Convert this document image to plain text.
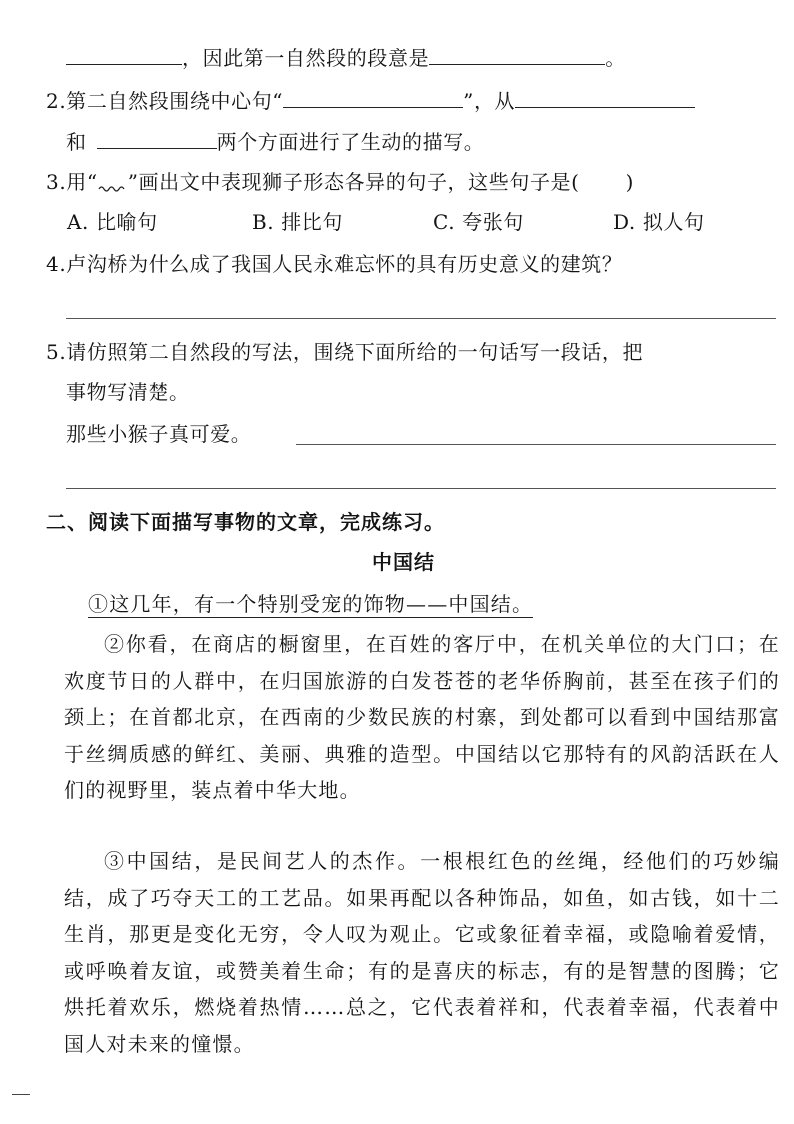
，因此第一自然段的段意是	。
2.第二自然段围绕中心句“	”，从
和	两个方面进行了生动的描写。
3.用“ ”画出文中表现狮子形态各异的句子，这些句子是( )
A. 比喻句	B. 排比句	C. 夸张句	D. 拟人句
4.卢沟桥为什么成了我国人民永难忘怀的具有历史意义的建筑？
5.请仿照第二自然段的写法，围绕下面所给的一句话写一段话，把
事物写清楚。
那些小猴子真可爱。
二、阅读下面描写事物的文章，完成练习。
中国结
①这几年，有一个特别受宠的饰物——中国结。

②你看，在商店的橱窗里，在百姓的客厅中，在机关单位的大门口；在欢度节日的人群中，在归国旅游的白发苍苍的老华侨胸前，甚至在孩子们的颈上；在首都北京，在西南的少数民族的村寨，到处都可以看到中国结那富于丝绸质感的鲜红、美丽、典雅的造型。中国结以它那特有的风韵活跃在人们的视野里，装点着中华大地。

③中国结，是民间艺人的杰作。一根根红色的丝绳，经他们的巧妙编结，成了巧夺天工的工艺品。如果再配以各种饰品，如鱼，如古钱，如十二生肖，那更是变化无穷，令人叹为观止。它或象征着幸福，或隐喻着爱情，或呼唤着友谊，或赞美着生命；有的是喜庆的标志，有的是智慧的图腾；它烘托着欢乐，燃烧着热情……总之，它代表着祥和，代表着幸福，代表着中国人对未来的憧憬。
